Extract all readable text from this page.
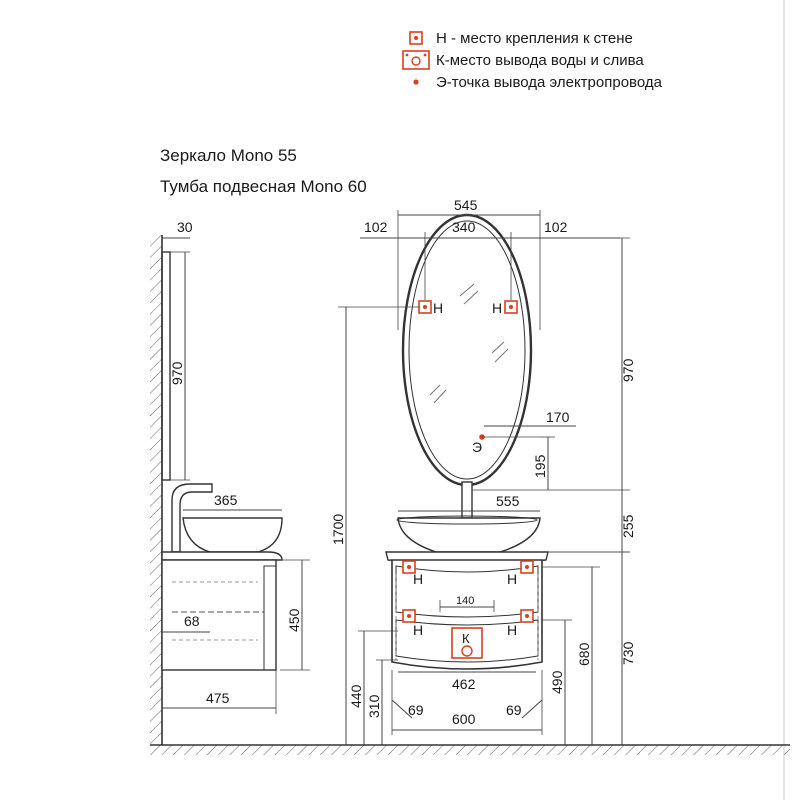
30
970
365
450
68
475
545
102	340	102
970
170
195
255
555
1700
140
462
69	69
600
440 310
490
680 730
Н	Н
Э
Н	Н
Н	Н
К
Н - место крепления к стене
К-место вывода воды и слива
Э-точка вывода электропровода
Зеркало Mono 55
Тумба подвесная Mono 60
